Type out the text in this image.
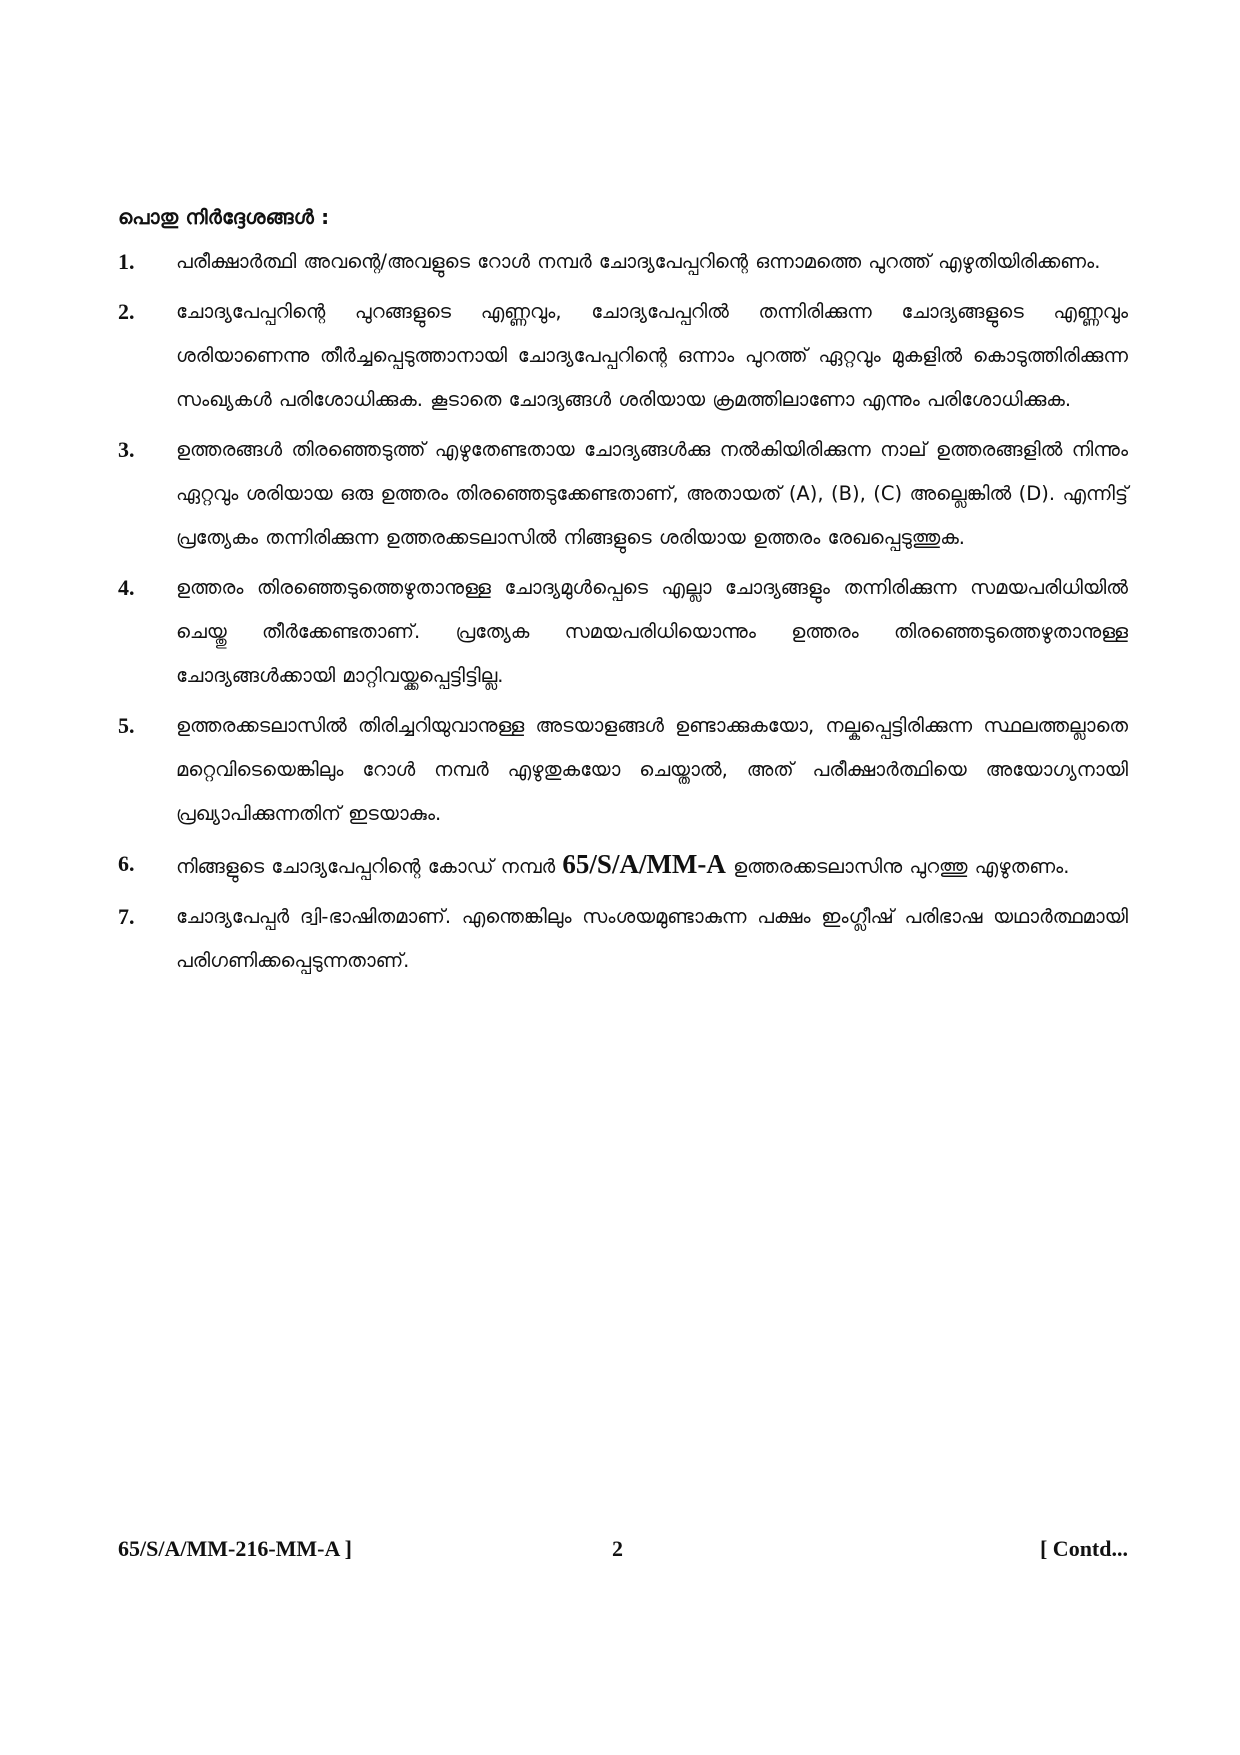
പൊതു നിർദ്ദേശങ്ങൾ :
1.	പരീക്ഷാർത്ഥി അവന്റെ/അവളുടെ റോൾ നമ്പർ ചോദ്യപേപ്പറിന്റെ ഒന്നാമത്തെ പുറത്ത് എഴുതിയിരിക്കണം.
2.	ചോദ്യപേപ്പറിന്റെ പുറങ്ങളുടെ എണ്ണവും, ചോദ്യപേപ്പറിൽ തന്നിരിക്കുന്ന ചോദ്യങ്ങളുടെ എണ്ണവും ശരിയാണെന്നു തീർച്ചപ്പെടുത്താനായി ചോദ്യപേപ്പറിന്റെ ഒന്നാം പുറത്ത് ഏറ്റവും മുകളിൽ കൊടുത്തിരിക്കുന്ന സംഖ്യകൾ പരിശോധിക്കുക. കൂടാതെ ചോദ്യങ്ങൾ ശരിയായ ക്രമത്തിലാണോ എന്നും പരിശോധിക്കുക.
3.	ഉത്തരങ്ങൾ തിരഞ്ഞെടുത്ത് എഴുതേണ്ടതായ ചോദ്യങ്ങൾക്കു നൽകിയിരിക്കുന്ന നാല് ഉത്തരങ്ങളിൽ നിന്നും ഏറ്റവും ശരിയായ ഒരു ഉത്തരം തിരഞ്ഞെടുക്കേണ്ടതാണ്, അതായത് (A), (B), (C) അല്ലെങ്കിൽ (D). എന്നിട്ട് പ്രത്യേകം തന്നിരിക്കുന്ന ഉത്തരക്കടലാസിൽ നിങ്ങളുടെ ശരിയായ ഉത്തരം രേഖപ്പെടുത്തുക.
4.	ഉത്തരം തിരഞ്ഞെടുത്തെഴുതാനുള്ള ചോദ്യമുൾപ്പെടെ എല്ലാ ചോദ്യങ്ങളും തന്നിരിക്കുന്ന സമയപരിധിയിൽ ചെയ്തു തീർക്കേണ്ടതാണ്. പ്രത്യേക സമയപരിധിയൊന്നും ഉത്തരം തിരഞ്ഞെടുത്തെഴുതാനുള്ള ചോദ്യങ്ങൾക്കായി മാറ്റിവയ്ക്കപ്പെട്ടിട്ടില്ല.
5.	ഉത്തരക്കടലാസിൽ തിരിച്ചറിയുവാനുള്ള അടയാളങ്ങൾ ഉണ്ടാക്കുകയോ, നല്കപ്പെട്ടിരിക്കുന്ന സ്ഥലത്തല്ലാതെ മറ്റെവിടെയെങ്കിലും റോൾ നമ്പർ എഴുതുകയോ ചെയ്താൽ, അത് പരീക്ഷാർത്ഥിയെ അയോഗ്യനായി പ്രഖ്യാപിക്കുന്നതിന് ഇടയാകും.
6.	നിങ്ങളുടെ ചോദ്യപേപ്പറിന്റെ കോഡ് നമ്പർ 65/S/A/MM-A ഉത്തരക്കടലാസിനു പുറത്തു എഴുതണം.
7.	ചോദ്യപേപ്പർ ദ്വി-ഭാഷിതമാണ്. എന്തെങ്കിലും സംശയമുണ്ടാകുന്ന പക്ഷം ഇംഗ്ലീഷ് പരിഭാഷ യഥാർത്ഥമായി പരിഗണിക്കപ്പെടുന്നതാണ്.
65/S/A/MM-216-MM-A ]	2	[ Contd...
